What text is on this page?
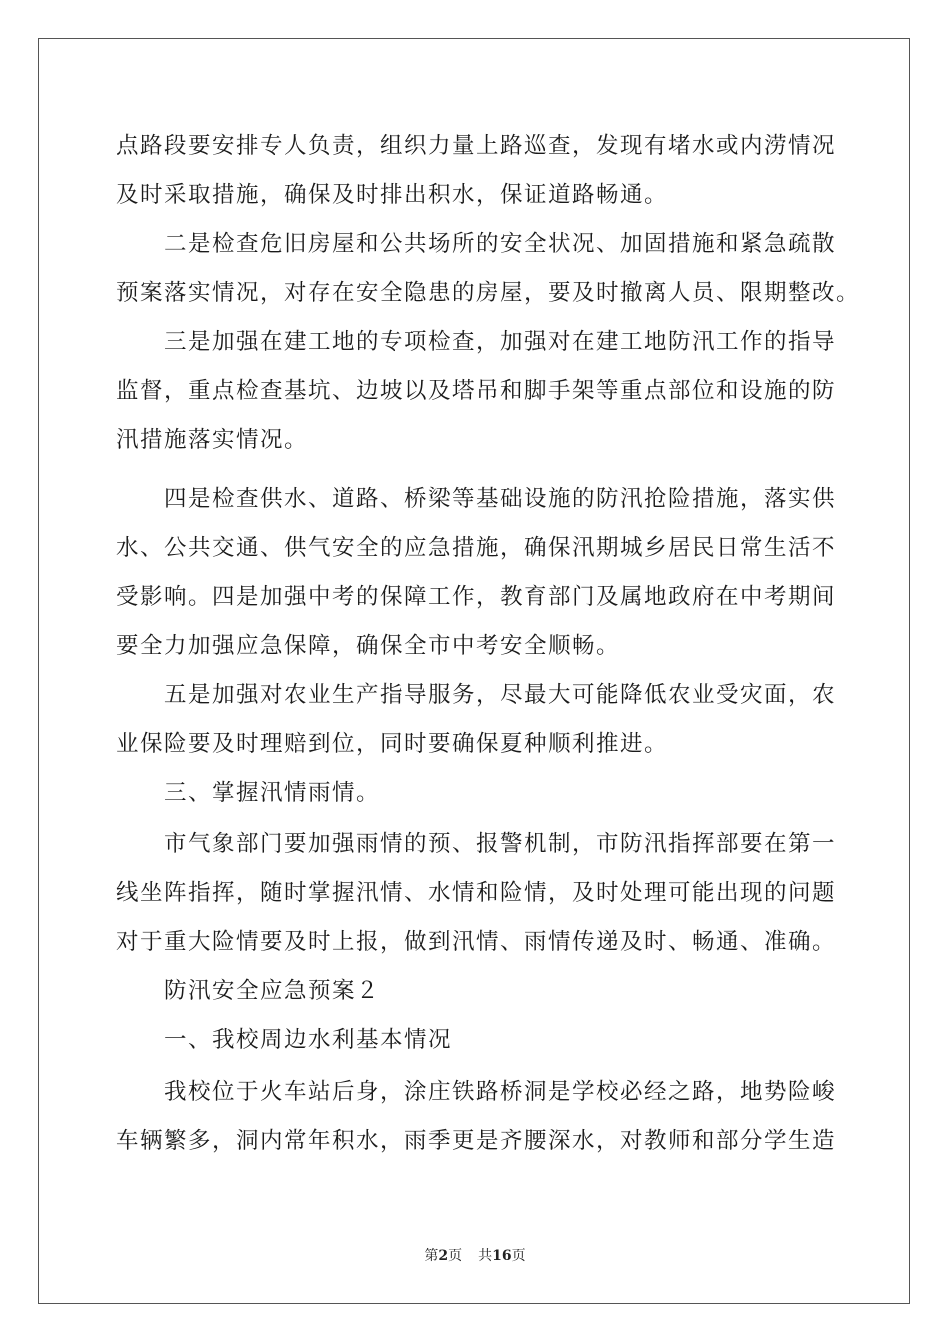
点路段要安排专人负责，组织力量上路巡查，发现有堵水或内涝情况
及时采取措施，确保及时排出积水，保证道路畅通。
二是检查危旧房屋和公共场所的安全状况、加固措施和紧急疏散
预案落实情况，对存在安全隐患的房屋，要及时撤离人员、限期整改。
三是加强在建工地的专项检查，加强对在建工地防汛工作的指导
监督，重点检查基坑、边坡以及塔吊和脚手架等重点部位和设施的防
汛措施落实情况。
四是检查供水、道路、桥梁等基础设施的防汛抢险措施，落实供
水、公共交通、供气安全的应急措施，确保汛期城乡居民日常生活不
受影响。四是加强中考的保障工作，教育部门及属地政府在中考期间
要全力加强应急保障，确保全市中考安全顺畅。
五是加强对农业生产指导服务，尽最大可能降低农业受灾面，农
业保险要及时理赔到位，同时要确保夏种顺利推进。
三、掌握汛情雨情。
市气象部门要加强雨情的预、报警机制，市防汛指挥部要在第一
线坐阵指挥，随时掌握汛情、水情和险情，及时处理可能出现的问题
对于重大险情要及时上报，做到汛情、雨情传递及时、畅通、准确。
防汛安全应急预案２
一、我校周边水利基本情况
我校位于火车站后身，涂庄铁路桥洞是学校必经之路，地势险峻
车辆繁多，洞内常年积水，雨季更是齐腰深水，对教师和部分学生造
第2页 共16页
